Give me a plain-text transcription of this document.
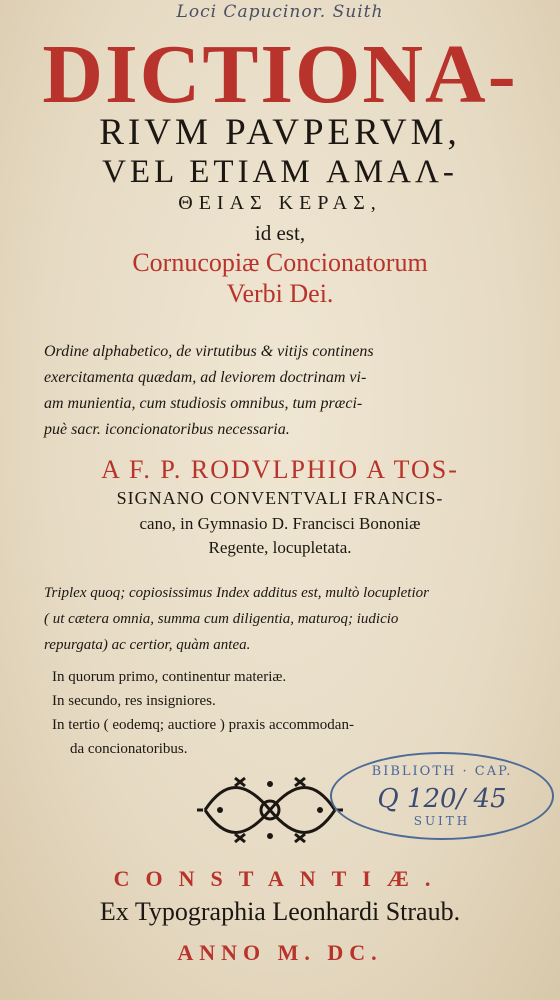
Loci Capucinor. Suith
DICTIONA-
RIVM PAVPERVM,
VEL ETIAM ΑΜΑΛ-
ΘΕΙΑΣ ΚΕΡΑΣ,
id est,
Cornucopiæ Concionatorum
Verbi Dei.
Ordine alphabetico, de virtutibus & vitijs continens
exercitamenta quædam, ad leviorem doctrinam vi-
am munientia, cum studiosis omnibus, tum præci-
puè sacr. iconcionatoribus necessaria.
A F. P. RODVLPHIO A TOS-
SIGNANO CONVENTVALI FRANCIS-
cano, in Gymnasio D. Francisci Bononiæ
Regente, locupletata.
Triplex quoq; copiosissimus Index additus est, multò locupletior
( ut cætera omnia, summa cum diligentia, maturoq; iudicio
repurgata) ac certior, quàm antea.
In quorum primo, continentur materiæ.
In secundo, res insigniores.
In tertio ( eodemq; auctiore ) praxis accommodan-
da concionatoribus.
BIBLIOTH · CAP.
Q 120/ 45
SUITH
CONSTANTIÆ.
Ex Typographia Leonhardi Straub.
ANNO M. DC.
